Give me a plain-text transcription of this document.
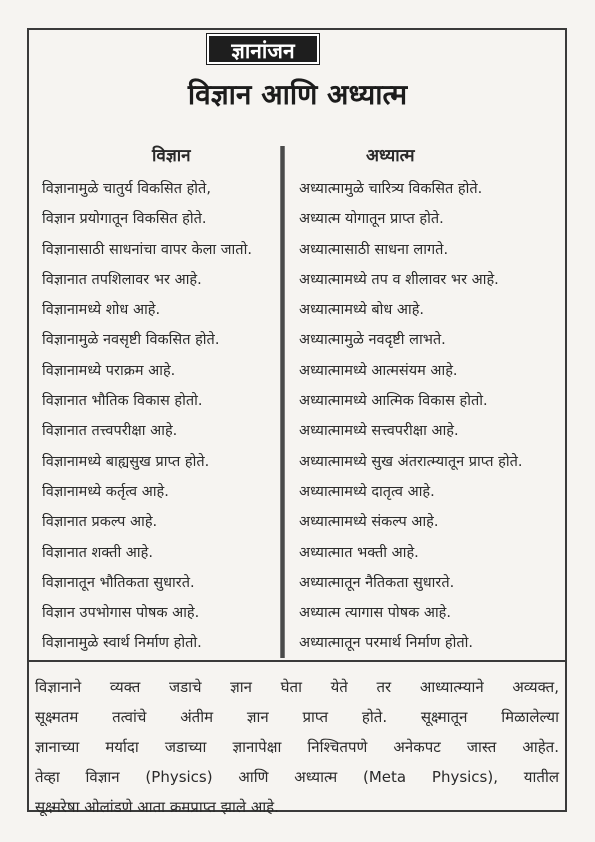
ज्ञानांजन
विज्ञान आणि अध्यात्म
विज्ञान	अध्यात्म
विज्ञानामुळे चातुर्य विकसित होते,
विज्ञान प्रयोगातून विकसित होते.
विज्ञानासाठी साधनांचा वापर केला जातो.
विज्ञानात तपशिलावर भर आहे.
विज्ञानामध्ये शोध आहे.
विज्ञानामुळे नवसृष्टी विकसित होते.
विज्ञानामध्ये पराक्रम आहे.
विज्ञानात भौतिक विकास होतो.
विज्ञानात तत्त्वपरीक्षा आहे.
विज्ञानामध्ये बाह्यसुख प्राप्त होते.
विज्ञानामध्ये कर्तृत्व आहे.
विज्ञानात प्रकल्प आहे.
विज्ञानात शक्ती आहे.
विज्ञानातून भौतिकता सुधारते.
विज्ञान उपभोगास पोषक आहे.
विज्ञानामुळे स्वार्थ निर्माण होतो.
अध्यात्मामुळे चारित्र्य विकसित होते.
अध्यात्म योगातून प्राप्त होते.
अध्यात्मासाठी साधना लागते.
अध्यात्मामध्ये तप व शीलावर भर आहे.
अध्यात्मामध्ये बोध आहे.
अध्यात्मामुळे नवदृष्टी लाभते.
अध्यात्मामध्ये आत्मसंयम आहे.
अध्यात्मामध्ये आत्मिक विकास होतो.
अध्यात्मामध्ये सत्त्वपरीक्षा आहे.
अध्यात्मामध्ये सुख अंतरात्म्यातून प्राप्त होते.
अध्यात्मामध्ये दातृत्व आहे.
अध्यात्मामध्ये संकल्प आहे.
अध्यात्मात भक्ती आहे.
अध्यात्मातून नैतिकता सुधारते.
अध्यात्म त्यागास पोषक आहे.
अध्यात्मातून परमार्थ निर्माण होतो.
विज्ञानाने व्यक्त जडाचे ज्ञान घेता येते तर आध्यात्म्याने अव्यक्त,
सूक्ष्मतम तत्वांचे अंतीम ज्ञान प्राप्त होते. सूक्ष्मातून मिळालेल्या
ज्ञानाच्या मर्यादा जडाच्या ज्ञानापेक्षा निश्चितपणे अनेकपट जास्त आहेत.
तेव्हा विज्ञान (Physics) आणि अध्यात्म (Meta Physics), यातील
सूक्ष्मरेषा ओलांडणे आता क्रमप्राप्त झाले आहे.
